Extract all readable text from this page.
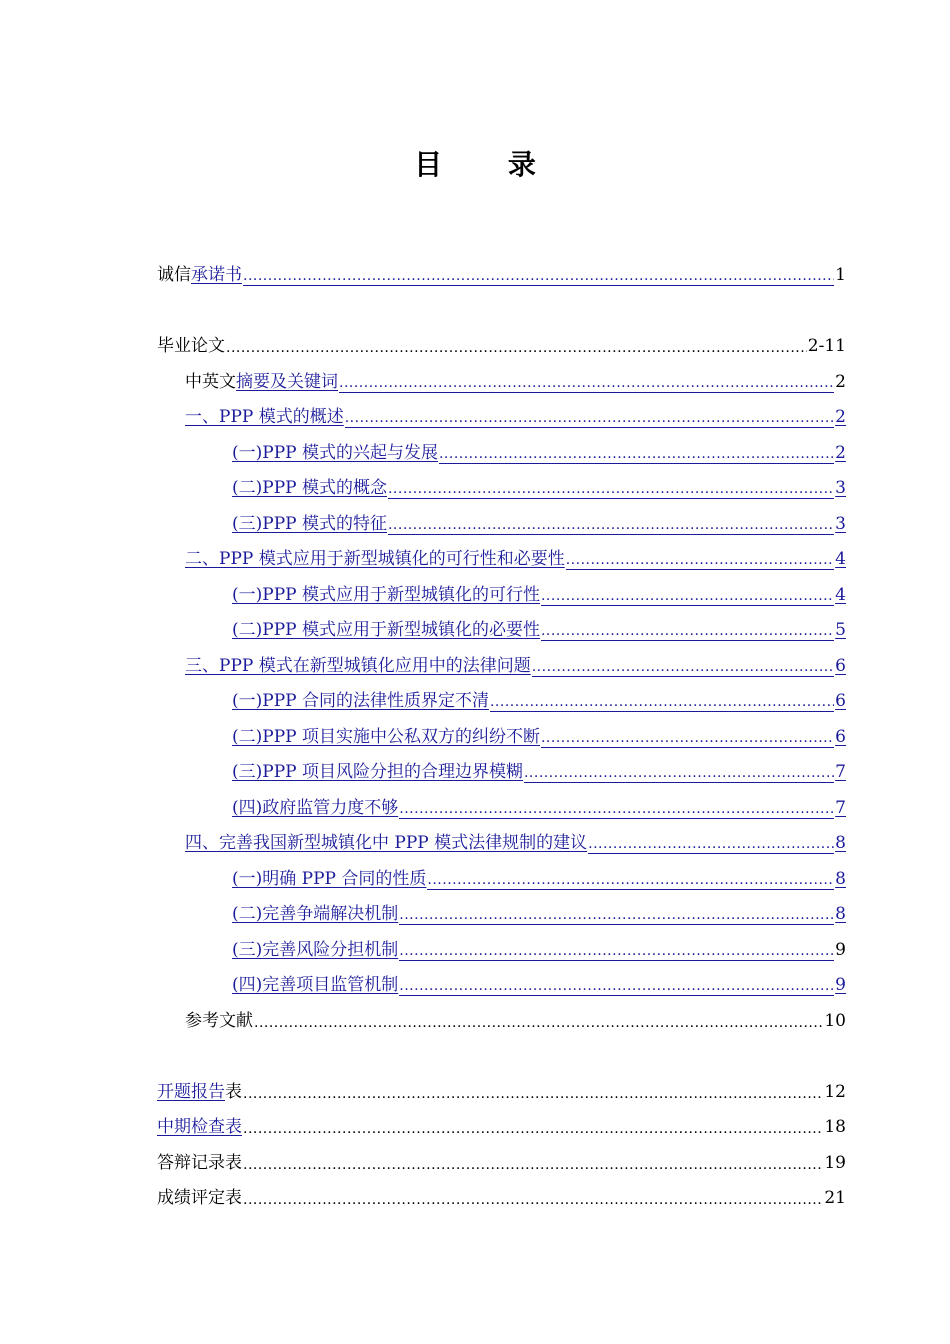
目 录
诚信 承诺书 .....	1
毕业论文 .....	2-11
中英文 摘要及关键词 .....	2
一、PPP 模式的概述 .....	2
(一)PPP 模式的兴起与发展 .....	2
(二)PPP 模式的概念 .....	3
(三)PPP 模式的特征 .....	3
二、PPP 模式应用于新型城镇化的可行性和必要性 .....	4
(一)PPP 模式应用于新型城镇化的可行性 .....	4
(二)PPP 模式应用于新型城镇化的必要性 .....	5
三、PPP 模式在新型城镇化应用中的法律问题 .....	6
(一)PPP 合同的法律性质界定不清 .....	6
(二)PPP 项目实施中公私双方的纠纷不断 .....	6
(三)PPP 项目风险分担的合理边界模糊 .....	7
(四)政府监管力度不够 .....	7
四、完善我国新型城镇化中 PPP 模式法律规制的建议 .....	8
(一)明确 PPP 合同的性质 .....	8
(二)完善争端解决机制 .....	8
(三)完善风险分担机制 .....	9
(四)完善项目监管机制 .....	9
参考文献 .....	10
开题报告 表 .....	12
中期检查表 .....	18
答辩记录表 .....	19
成绩评定表 .....	21
